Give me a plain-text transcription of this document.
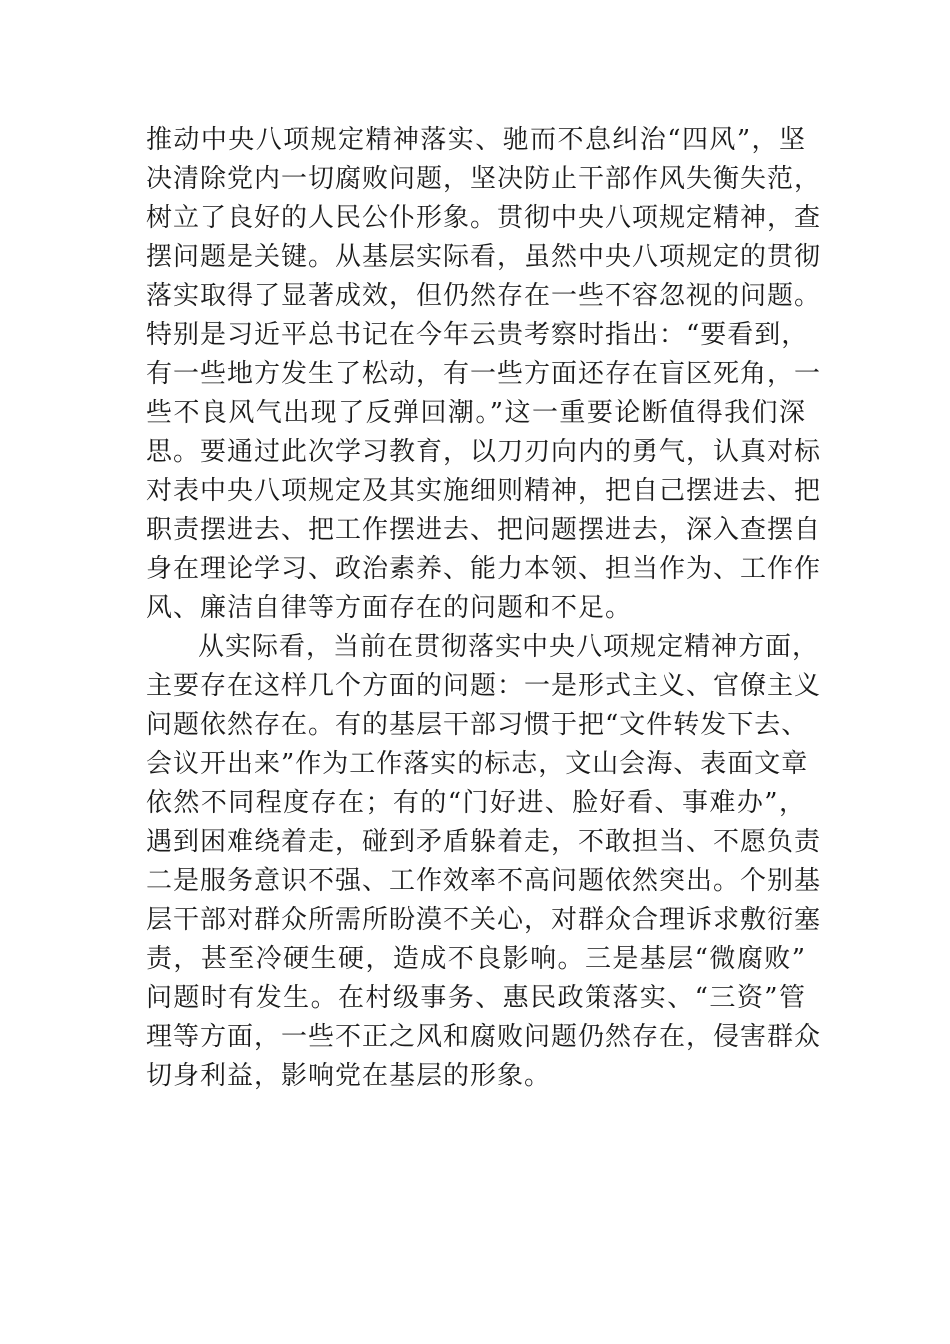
推动中央八项规定精神落实、驰而不息纠治“四风”，坚
决清除党内一切腐败问题，坚决防止干部作风失衡失范，
树立了良好的人民公仆形象。贯彻中央八项规定精神，查
摆问题是关键。从基层实际看，虽然中央八项规定的贯彻
落实取得了显著成效，但仍然存在一些不容忽视的问题。
特别是习近平总书记在今年云贵考察时指出：“要看到，
有一些地方发生了松动，有一些方面还存在盲区死角，一
些不良风气出现了反弹回潮。”这一重要论断值得我们深
思。要通过此次学习教育，以刀刃向内的勇气，认真对标
对表中央八项规定及其实施细则精神，把自己摆进去、把
职责摆进去、把工作摆进去、把问题摆进去，深入查摆自
身在理论学习、政治素养、能力本领、担当作为、工作作
风、廉洁自律等方面存在的问题和不足。
从实际看，当前在贯彻落实中央八项规定精神方面，
主要存在这样几个方面的问题：一是形式主义、官僚主义
问题依然存在。有的基层干部习惯于把“文件转发下去、
会议开出来”作为工作落实的标志，文山会海、表面文章
依然不同程度存在；有的“门好进、脸好看、事难办”，
遇到困难绕着走，碰到矛盾躲着走，不敢担当、不愿负责
二是服务意识不强、工作效率不高问题依然突出。个别基
层干部对群众所需所盼漠不关心，对群众合理诉求敷衍塞
责，甚至冷硬生硬，造成不良影响。三是基层“微腐败”
问题时有发生。在村级事务、惠民政策落实、“三资”管
理等方面，一些不正之风和腐败问题仍然存在，侵害群众
切身利益，影响党在基层的形象。
